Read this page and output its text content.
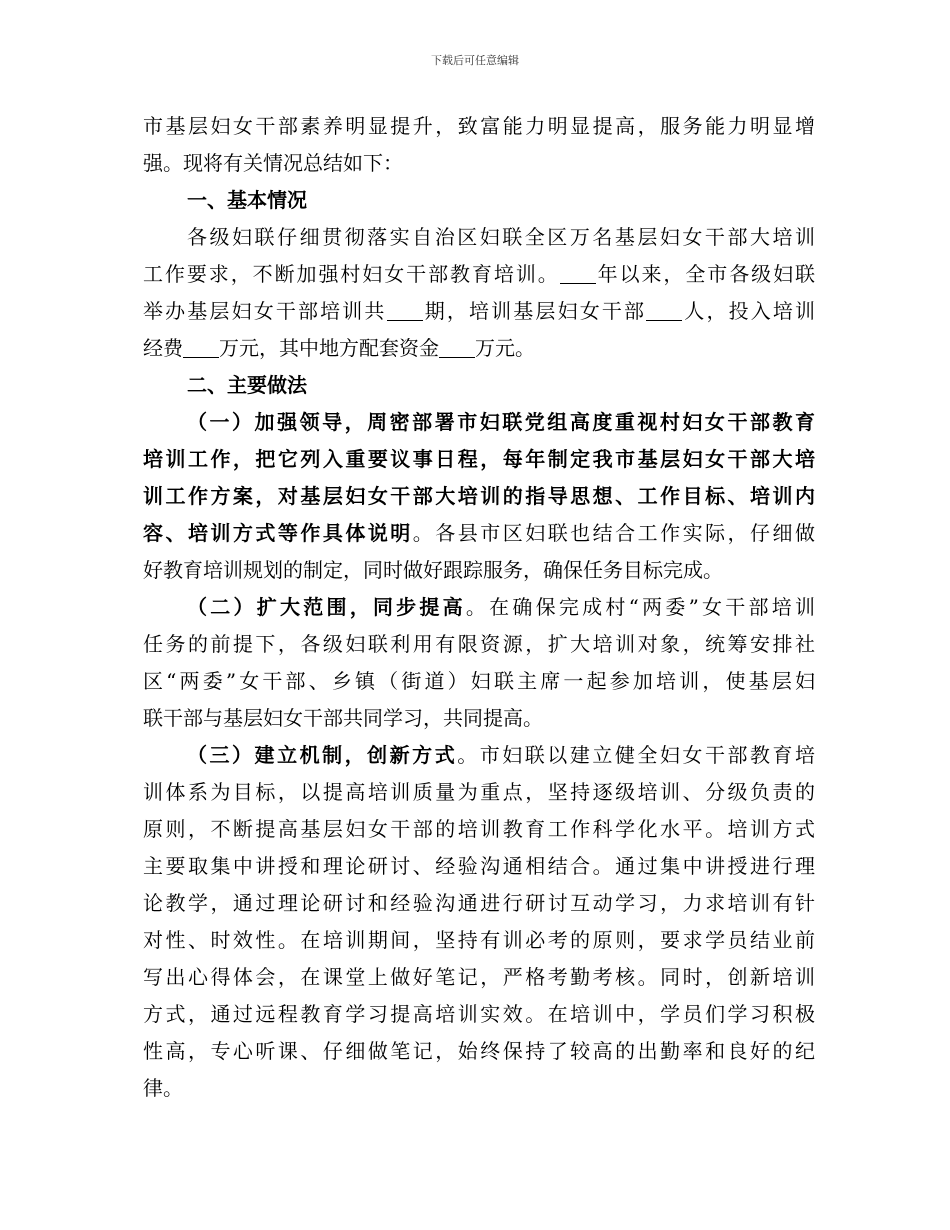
下载后可任意编辑
市基层妇女干部素养明显提升，致富能力明显提高，服务能力明显增
强。现将有关情况总结如下：
一、基本情况
各级妇联仔细贯彻落实自治区妇联全区万名基层妇女干部大培训
工作要求，不断加强村妇女干部教育培训。 年以来，全市各级妇联
举办基层妇女干部培训共 期，培训基层妇女干部 人，投入培训
经费 万元，其中地方配套资金 万元。
二、主要做法
（一）加强领导，周密部署市妇联党组高度重视村妇女干部教育
培训工作，把它列入重要议事日程，每年制定我市基层妇女干部大培
训工作方案，对基层妇女干部大培训的指导思想、工作目标、培训内
容、培训方式等作具体说明。各县市区妇联也结合工作实际，仔细做
好教育培训规划的制定，同时做好跟踪服务，确保任务目标完成。
（二）扩大范围，同步提高。在确保完成村“两委”女干部培训
任务的前提下，各级妇联利用有限资源，扩大培训对象，统筹安排社
区“两委”女干部、乡镇（街道）妇联主席一起参加培训，使基层妇
联干部与基层妇女干部共同学习，共同提高。
（三）建立机制，创新方式。市妇联以建立健全妇女干部教育培
训体系为目标，以提高培训质量为重点，坚持逐级培训、分级负责的
原则，不断提高基层妇女干部的培训教育工作科学化水平。培训方式
主要取集中讲授和理论研讨、经验沟通相结合。通过集中讲授进行理
论教学，通过理论研讨和经验沟通进行研讨互动学习，力求培训有针
对性、时效性。在培训期间，坚持有训必考的原则，要求学员结业前
写出心得体会，在课堂上做好笔记，严格考勤考核。同时，创新培训
方式，通过远程教育学习提高培训实效。在培训中，学员们学习积极
性高，专心听课、仔细做笔记，始终保持了较高的出勤率和良好的纪
律。
